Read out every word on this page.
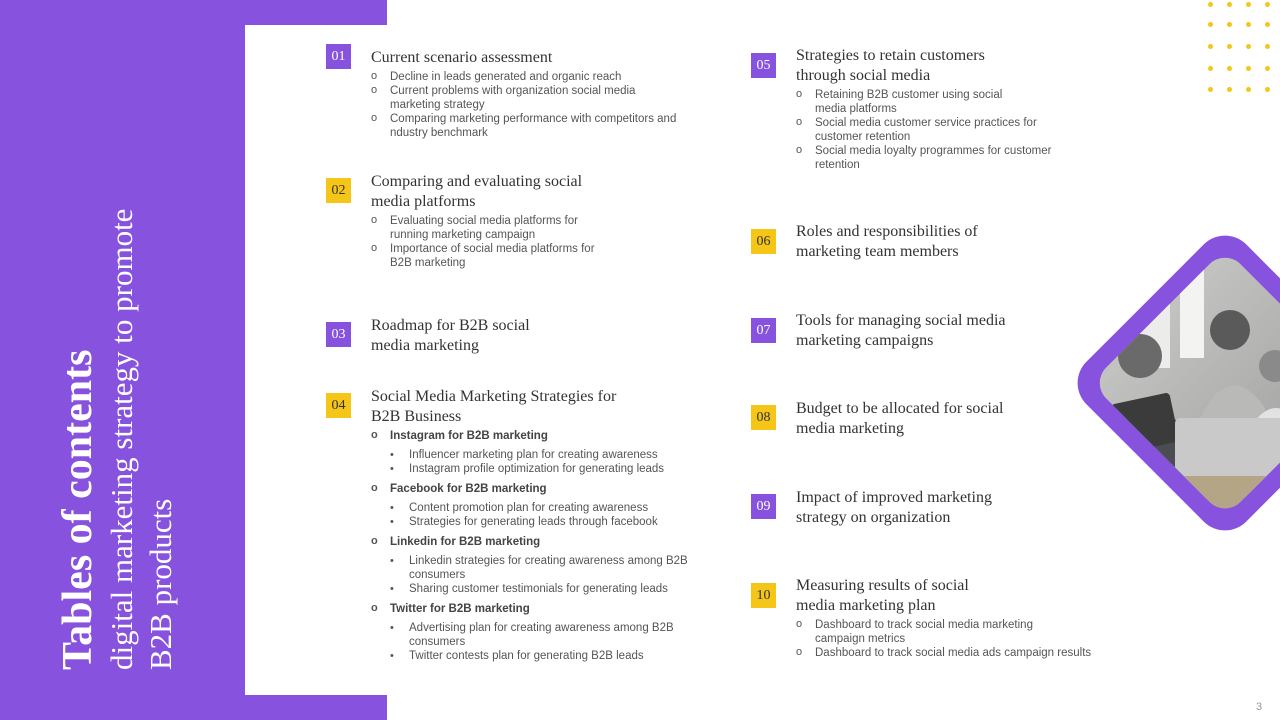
Tables of contents digital marketing strategy to promote B2B products
01	Current scenario assessment
o Decline in leads generated and organic reach
o Current problems with organization social media marketing strategy
o Comparing marketing performance with competitors and ndustry benchmark
02
Comparing and evaluating social media platforms
o Evaluating social media platforms for running marketing campaign
o Importance of social media platforms for B2B marketing
03
Roadmap for B2B social media marketing
04
Social Media Marketing Strategies for B2B Business
o Instagram for B2B marketing
• Influencer marketing plan for creating awareness
• Instagram profile optimization for generating leads
o Facebook for B2B marketing
• Content promotion plan for creating awareness
• Strategies for generating leads through facebook
o Linkedin for B2B marketing
• Linkedin strategies for creating awareness among B2B consumers
• Sharing customer testimonials for generating leads
o Twitter for B2B marketing
• Advertising plan for creating awareness among B2B consumers
• Twitter contests plan for generating B2B leads
05
Strategies to retain customers through social media
o Retaining B2B customer using social media platforms
o Social media customer service practices for customer retention
o Social media loyalty programmes for customer retention
06
Roles and responsibilities of marketing team members
07
Tools for managing social media marketing campaigns
08
Budget to be allocated for social media marketing
09
Impact of improved marketing strategy on organization
10
Measuring results of social media marketing plan
o Dashboard to track social media marketing campaign metrics
o Dashboard to track social media ads campaign results
3
